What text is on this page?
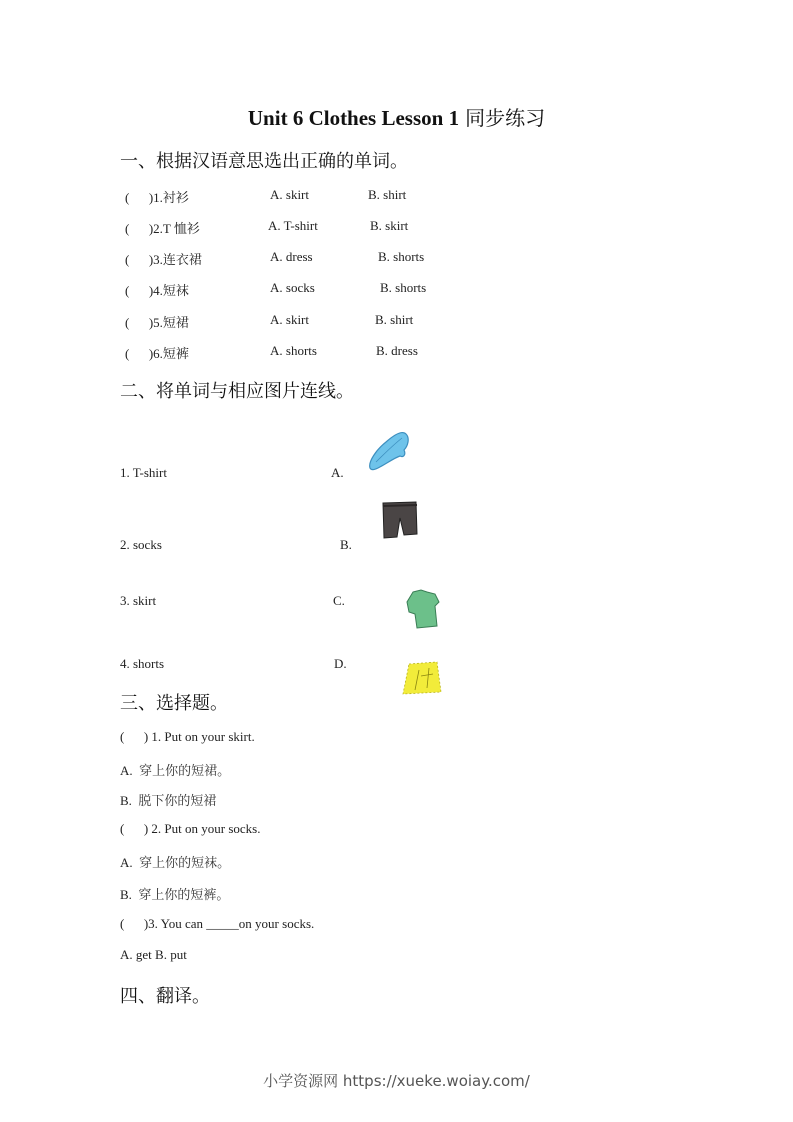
Unit 6 Clothes Lesson 1 同步练习
一、根据汉语意思选出正确的单词。
(      )1.衬衫	A. skirt	B. shirt
(      )2.T 恤衫	A. T-shirt	B. skirt
(      )3.连衣裙	A. dress	B. shorts
(      )4.短袜	A. socks	B. shorts
(      )5.短裙	A. skirt	B. shirt
(      )6.短裤	A. shorts	B. dress
二、将单词与相应图片连线。
1. T-shirt	A.
2. socks	B.
3. skirt	C.
4. shorts	D.
三、选择题。
(      ) 1. Put on your skirt.
A.  穿上你的短裙。
B.  脱下你的短裙
(      ) 2. Put on your socks.
A.  穿上你的短袜。
B.  穿上你的短裤。
(      )3. You can _____on your socks.
A. get B. put
四、翻译。
小学资源网 https://xueke.woiay.com/
